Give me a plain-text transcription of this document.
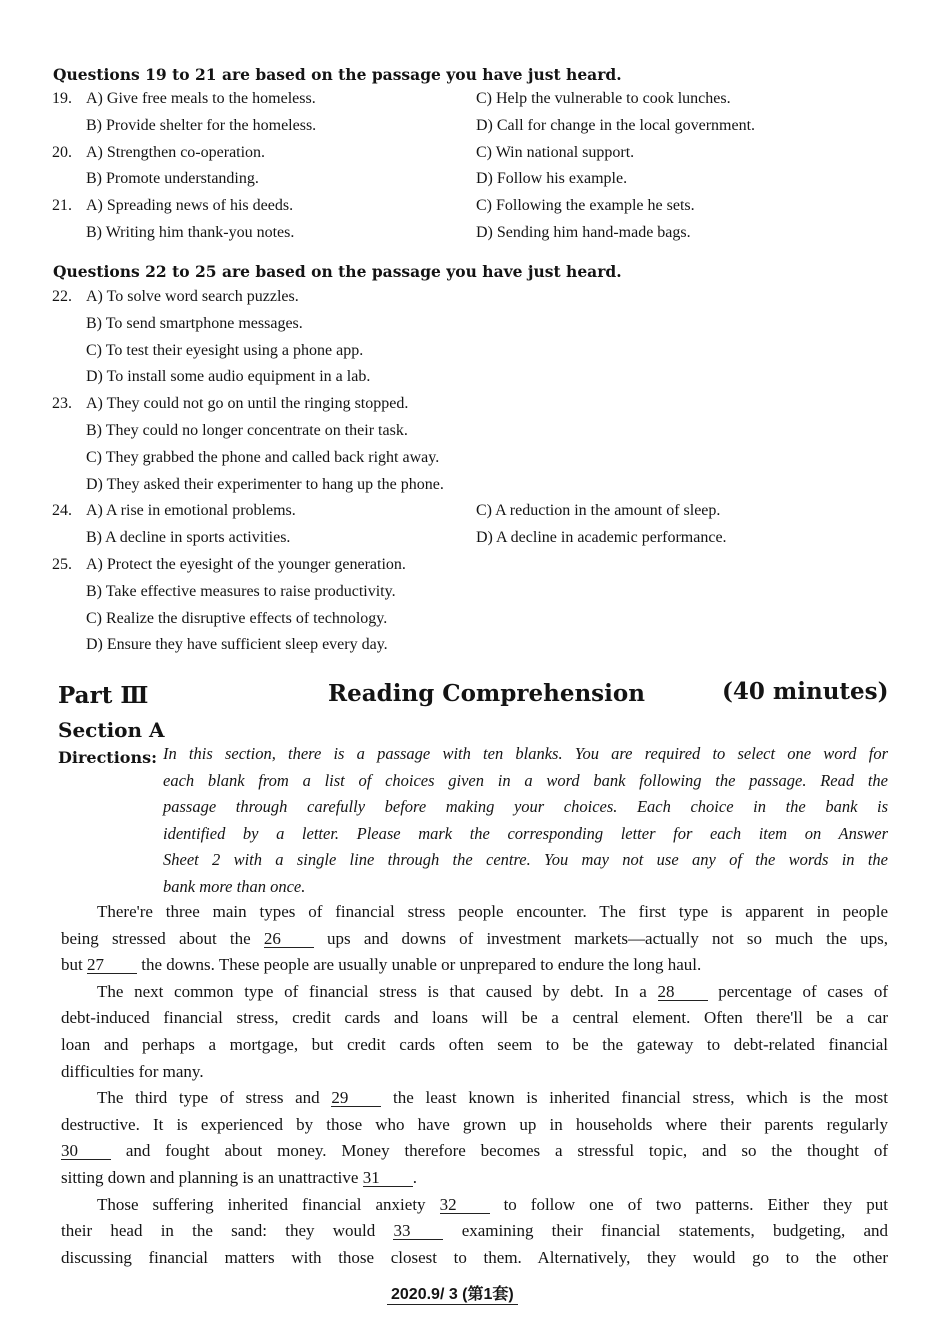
Questions 19 to 21 are based on the passage you have just heard.
19. A) Give free meals to the homeless.	C) Help the vulnerable to cook lunches.
B) Provide shelter for the homeless.	D) Call for change in the local government.
20. A) Strengthen co-operation.	C) Win national support.
B) Promote understanding.	D) Follow his example.
21. A) Spreading news of his deeds.	C) Following the example he sets.
B) Writing him thank-you notes.	D) Sending him hand-made bags.
Questions 22 to 25 are based on the passage you have just heard.
22. A) To solve word search puzzles.
B) To send smartphone messages.
C) To test their eyesight using a phone app.
D) To install some audio equipment in a lab.
23. A) They could not go on until the ringing stopped.
B) They could no longer concentrate on their task.
C) They grabbed the phone and called back right away.
D) They asked their experimenter to hang up the phone.
24. A) A rise in emotional problems.	C) A reduction in the amount of sleep.
B) A decline in sports activities.	D) A decline in academic performance.
25. A) Protect the eyesight of the younger generation.
B) Take effective measures to raise productivity.
C) Realize the disruptive effects of technology.
D) Ensure they have sufficient sleep every day.
Part Ⅲ	Reading Comprehension	(40 minutes)
Section A
Directions: In this section, there is a passage with ten blanks. You are required to select one word for
each blank from a list of choices given in a word bank following the passage. Read the
passage through carefully before making your choices. Each choice in the bank is
identified by a letter. Please mark the corresponding letter for each item on Answer
Sheet 2 with a single line through the centre. You may not use any of the words in the
bank more than once.
There're three main types of financial stress people encounter. The first type is apparent in people
being stressed about the 26 ups and downs of investment markets—actually not so much the ups,
but 27 the downs. These people are usually unable or unprepared to endure the long haul.
The next common type of financial stress is that caused by debt. In a 28 percentage of cases of
debt-induced financial stress, credit cards and loans will be a central element. Often there'll be a car
loan and perhaps a mortgage, but credit cards often seem to be the gateway to debt-related financial
difficulties for many.
The third type of stress and 29 the least known is inherited financial stress, which is the most
destructive. It is experienced by those who have grown up in households where their parents regularly
30 and fought about money. Money therefore becomes a stressful topic, and so the thought of
sitting down and planning is an unattractive 31 .
Those suffering inherited financial anxiety 32 to follow one of two patterns. Either they put
their head in the sand: they would 33 examining their financial statements, budgeting, and
discussing financial matters with those closest to them. Alternatively, they would go to the other
2020.9/ 3 (第1套)
